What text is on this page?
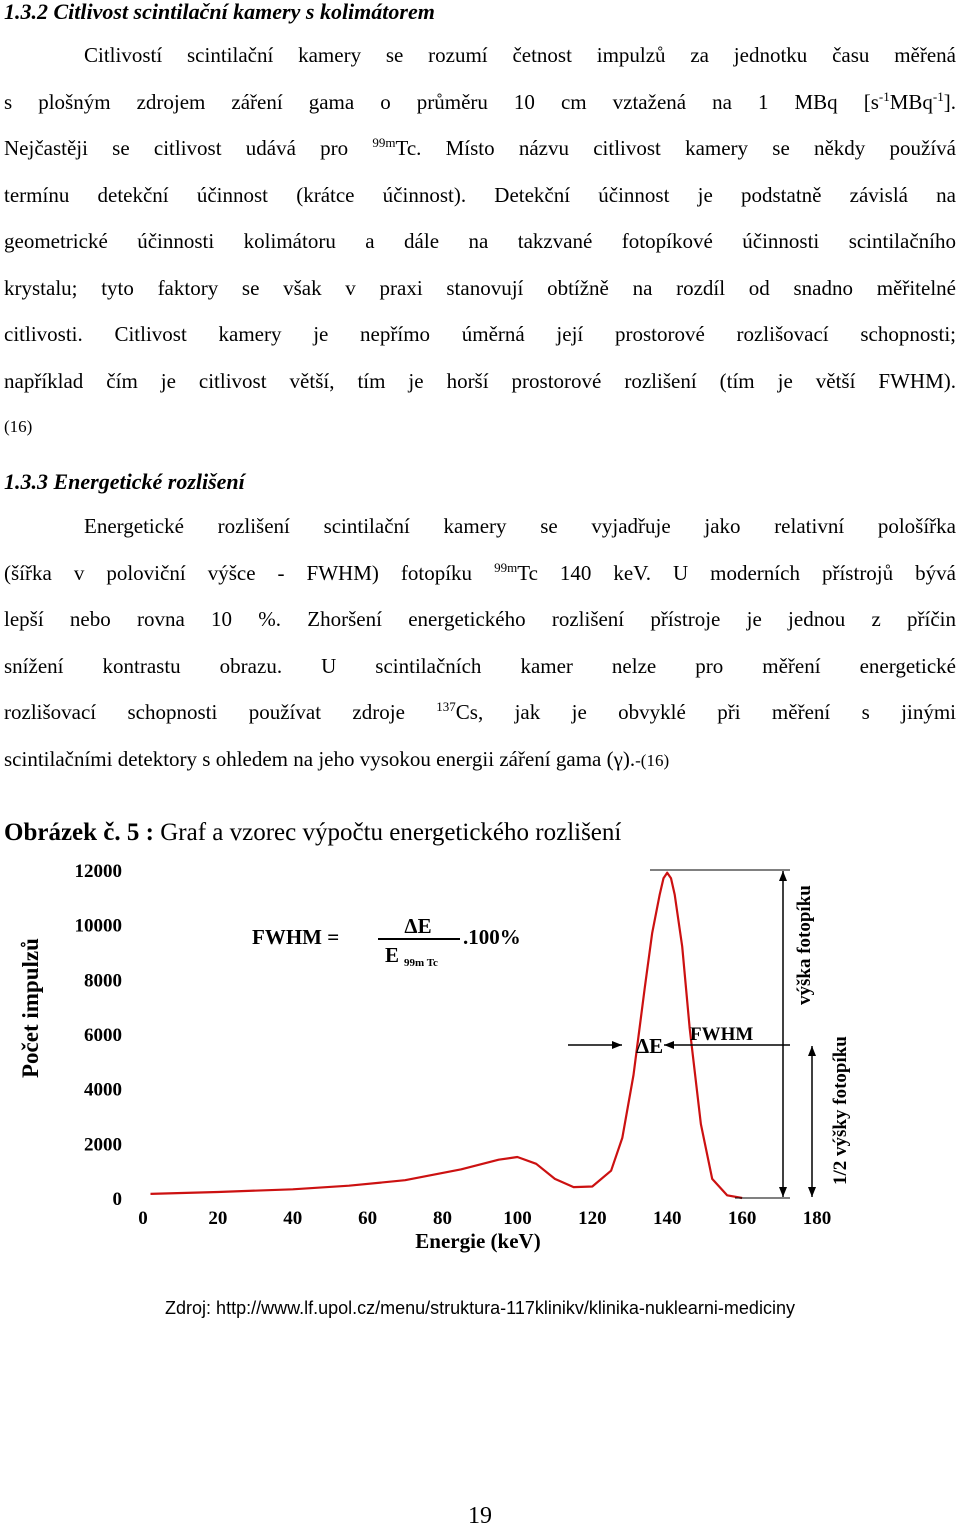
1.3.2 Citlivost scintilační kamery s kolimátorem
Citlivostí scintilační kamery se rozumí četnost impulzů za jednotku času měřená
s plošným zdrojem záření gama o průměru 10 cm vztažená na 1 MBq $[s^{-1}MBq^{-1}]$.
Nejčastěji se citlivost udává pro $^{99m}$Tc. Místo názvu citlivost kamery se někdy používá
termínu detekční účinnost (krátce účinnost). Detekční účinnost je podstatně závislá na
geometrické účinnosti kolimátoru a dále na takzvané fotopíkové účinnosti scintilačního
krystalu; tyto faktory se však v praxi stanovují obtížně na rozdíl od snadno měřitelné
citlivosti. Citlivost kamery je nepřímo úměrná její prostorové rozlišovací schopnosti;
například čím je citlivost větší, tím je horší prostorové rozlišení (tím je větší FWHM).
(16)
1.3.3 Energetické rozlišení
Energetické rozlišení scintilační kamery se vyjadřuje jako relativní pološířka
(šířka v poloviční výšce - FWHM) fotopíku $^{99m}$Tc 140 keV. U moderních přístrojů bývá
lepší nebo rovna 10 %. Zhoršení energetického rozlišení přístroje je jednou z příčin
snížení kontrastu obrazu. U scintilačních kamer nelze pro měření energetické
rozlišovací schopnosti používat zdroje $^{137}$Cs, jak je obvyklé při měření s jinými
scintilačními detektory s ohledem na jeho vysokou energii záření gama (γ).-(16)

Obrázek č. 5 : Graf a vzorec výpočtu energetického rozlišení

0
2000
4000
6000
8000
10000
12000
0	20	40	60	80	100 120 140 160 180
Počet impulzů
Energie (keV)
FWHM =	ΔE
E 99m Tc
.100%
ΔE FWHM
výška fotopíku
1/2 výšky fotopíku
Zdroj: http://www.lf.upol.cz/menu/struktura-117klinikv/klinika-nuklearni-mediciny
19
